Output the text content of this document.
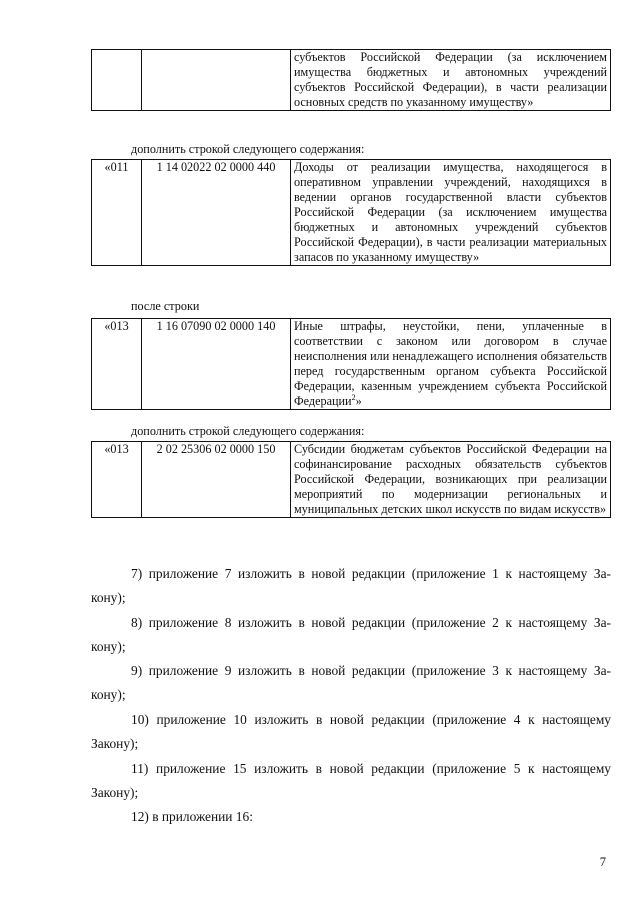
		субъектов Российской Федерации (за исключением имущества бюджетных и автономных учреждений субъектов Российской Федерации), в части реализации основных средств по указанному имуществу»
дополнить строкой следующего содержания:
«011	1 14 02022 02 0000 440	Доходы от реализации имущества, находящегося в оперативном управлении учреждений, находящихся в ведении органов государственной власти субъектов Российской Федерации (за исключением имущества бюджетных и автономных учреждений субъектов Российской Федерации), в части реализации материальных запасов по указанному имуществу»
после строки
«013	1 16 07090 02 0000 140	Иные штрафы, неустойки, пени, уплаченные в соответствии с законом или договором в случае неисполнения или ненадлежащего исполнения обязательств перед государственным органом субъекта Российской Федерации, казенным учреждением субъекта Российской Федерации$^2$»
дополнить строкой следующего содержания:
«013	2 02 25306 02 0000 150	Субсидии бюджетам субъектов Российской Федерации на софинансирование расходных обязательств субъектов Российской Федерации, возникающих при реализации мероприятий по модернизации региональных и муниципальных детских школ искусств по видам искусств»
7) приложение 7 изложить в новой редакции (приложение 1 к настоящему За-
кону);
8) приложение 8 изложить в новой редакции (приложение 2 к настоящему За-
кону);
9) приложение 9 изложить в новой редакции (приложение 3 к настоящему За-
кону);
10) приложение 10 изложить в новой редакции (приложение 4 к настоящему
Закону);
11) приложение 15 изложить в новой редакции (приложение 5 к настоящему
Закону);
12) в приложении 16:
7
